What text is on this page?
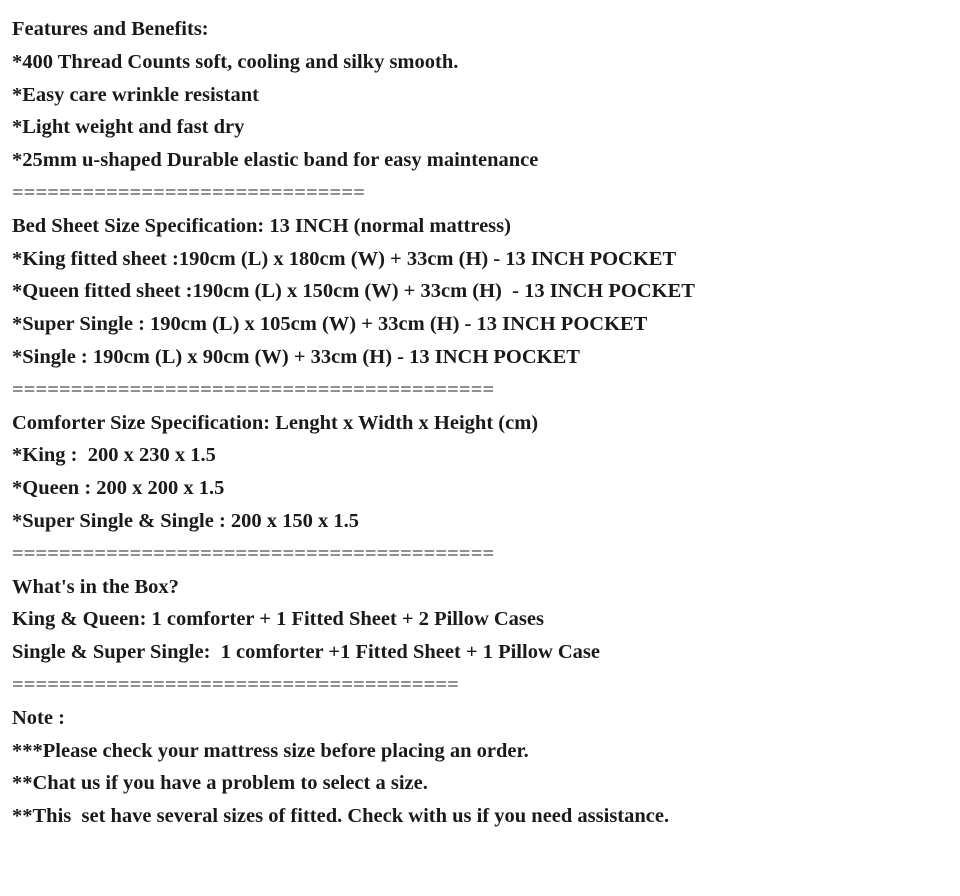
Features and Benefits:
*400 Thread Counts soft, cooling and silky smooth.
*Easy care wrinkle resistant
*Light weight and fast dry
*25mm u-shaped Durable elastic band for easy maintenance
==============================
Bed Sheet Size Specification: 13 INCH (normal mattress)
*King fitted sheet :190cm (L) x 180cm (W) + 33cm (H) - 13 INCH POCKET
*Queen fitted sheet :190cm (L) x 150cm (W) + 33cm (H)  - 13 INCH POCKET
*Super Single : 190cm (L) x 105cm (W) + 33cm (H) - 13 INCH POCKET
*Single : 190cm (L) x 90cm (W) + 33cm (H) - 13 INCH POCKET
=========================================
Comforter Size Specification: Lenght x Width x Height (cm)
*King :  200 x 230 x 1.5
*Queen : 200 x 200 x 1.5
*Super Single & Single : 200 x 150 x 1.5
=========================================
What's in the Box?
King & Queen: 1 comforter + 1 Fitted Sheet + 2 Pillow Cases
Single & Super Single:  1 comforter +1 Fitted Sheet + 1 Pillow Case
======================================
Note :
***Please check your mattress size before placing an order.
**Chat us if you have a problem to select a size.
**This  set have several sizes of fitted. Check with us if you need assistance.
